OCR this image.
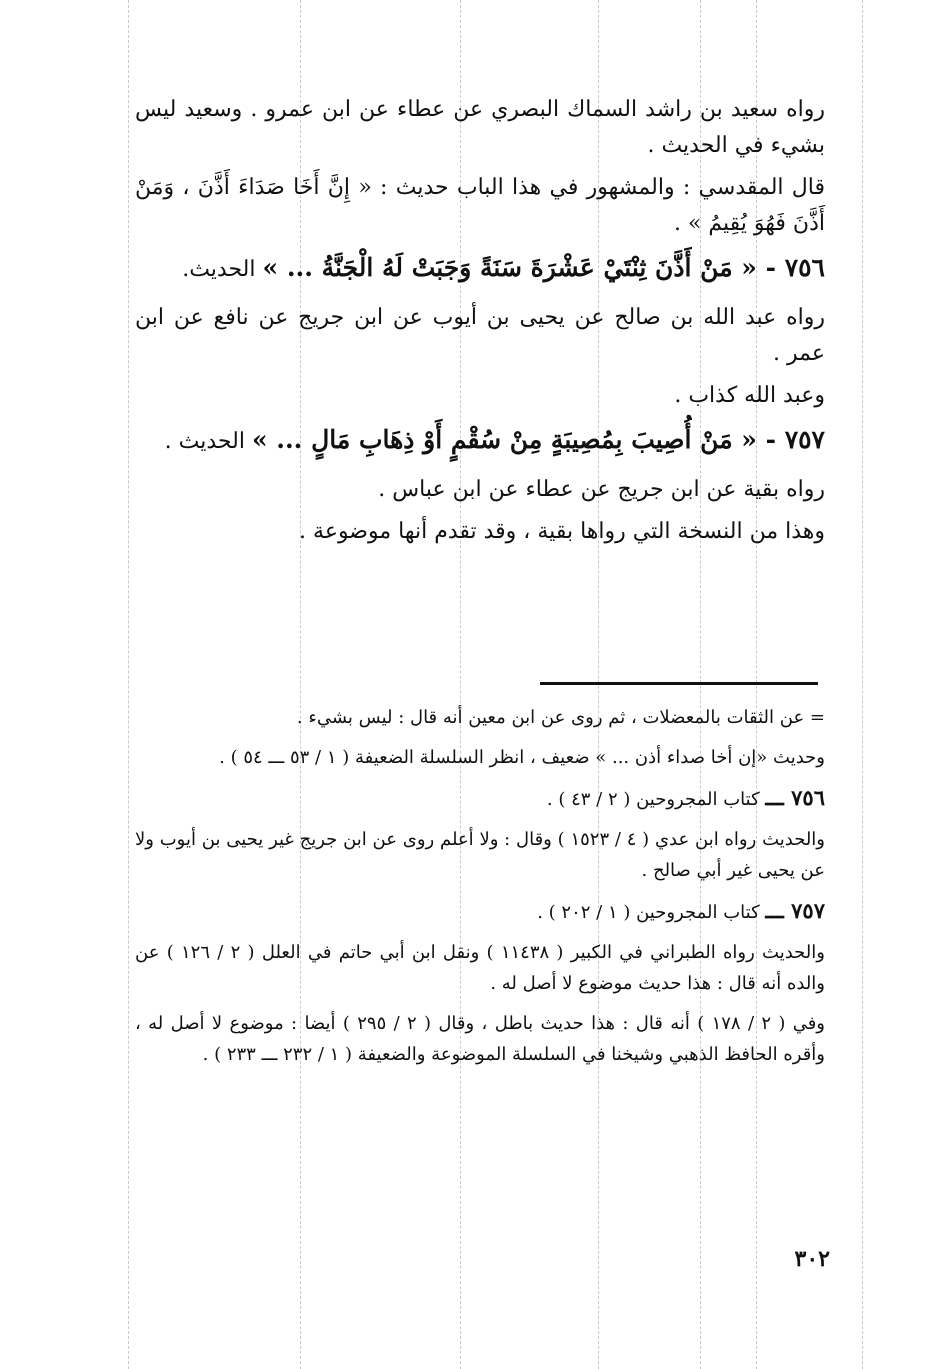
رواه سعيد بن راشد السماك البصري عن عطاء عن ابن عمرو . وسعيد ليس بشيء في الحديث .

قال المقدسي : والمشهور في هذا الباب حديث : « إِنَّ أَخَا صَدَاءَ أَذَّنَ ، وَمَنْ أَذَّنَ فَهُوَ يُقِيمُ » .

٧٥٦ - « مَنْ أَذَّنَ ثِنْتَيْ عَشْرَةَ سَنَةً وَجَبَتْ لَهُ الْجَنَّةُ ... » الحديث.

رواه عبد الله بن صالح عن يحيى بن أيوب عن ابن جريج عن نافع عن ابن عمر .

وعبد الله كذاب .

٧٥٧ - « مَنْ أُصِيبَ بِمُصِيبَةٍ مِنْ سُقْمٍ أَوْ ذِهَابِ مَالٍ ... » الحديث .

رواه بقية عن ابن جريج عن عطاء عن ابن عباس .

وهذا من النسخة التي رواها بقية ، وقد تقدم أنها موضوعة .

= عن الثقات بالمعضلات ، ثم روى عن ابن معين أنه قال : ليس بشيء .

وحديث «إن أخا صداء أذن ... » ضعيف ، انظر السلسلة الضعيفة ( ١ / ٥٣ ـــ ٥٤ ) .

٧٥٦ ـــ كتاب المجروحين ( ٢ / ٤٣ ) .

والحديث رواه ابن عدي ( ٤ / ١٥٢٣ ) وقال : ولا أعلم روى عن ابن جريج غير يحيى بن أيوب ولا عن يحيى غير أبي صالح .

٧٥٧ ـــ كتاب المجروحين ( ١ / ٢٠٢ ) .

والحديث رواه الطبراني في الكبير ( ١١٤٣٨ ) ونقل ابن أبي حاتم في العلل ( ٢ / ١٢٦ ) عن والده أنه قال : هذا حديث موضوع لا أصل له .

وفي ( ٢ / ١٧٨ ) أنه قال : هذا حديث باطل ، وقال ( ٢ / ٢٩٥ ) أيضا : موضوع لا أصل له ، وأقره الحافظ الذهبي وشيخنا في السلسلة الموضوعة والضعيفة ( ١ / ٢٣٢ ـــ ٢٣٣ ) .

٣٠٢
